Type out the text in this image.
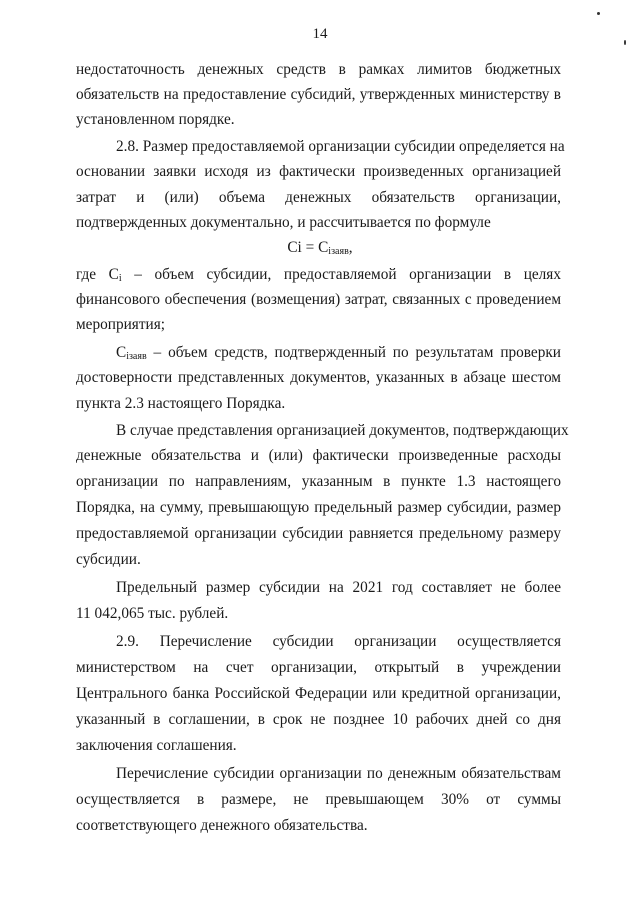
14
недостаточность денежных средств в рамках лимитов бюджетных
обязательств на предоставление субсидий, утвержденных министерству в
установленном порядке.
2.8. Размер предоставляемой организации субсидии определяется на
основании заявки исходя из фактически произведенных организацией
затрат и (или) объема денежных обязательств организации,
подтвержденных документально, и рассчитывается по формуле
$Ci = C_{iзаяв}$,
где $C_i$ – объем субсидии, предоставляемой организации в целях
финансового обеспечения (возмещения) затрат, связанных с проведением
мероприятия;
$C_{iзаяв}$ – объем средств, подтвержденный по результатам проверки
достоверности представленных документов, указанных в абзаце шестом
пункта 2.3 настоящего Порядка.
В случае представления организацией документов, подтверждающих
денежные обязательства и (или) фактически произведенные расходы
организации по направлениям, указанным в пункте 1.3 настоящего
Порядка, на сумму, превышающую предельный размер субсидии, размер
предоставляемой организации субсидии равняется предельному размеру
субсидии.
Предельный размер субсидии на 2021 год составляет не более
11 042,065 тыс. рублей.
2.9. Перечисление субсидии организации осуществляется
министерством на счет организации, открытый в учреждении
Центрального банка Российской Федерации или кредитной организации,
указанный в соглашении, в срок не позднее 10 рабочих дней со дня
заключения соглашения.
Перечисление субсидии организации по денежным обязательствам
осуществляется в размере, не превышающем 30% от суммы
соответствующего денежного обязательства.
